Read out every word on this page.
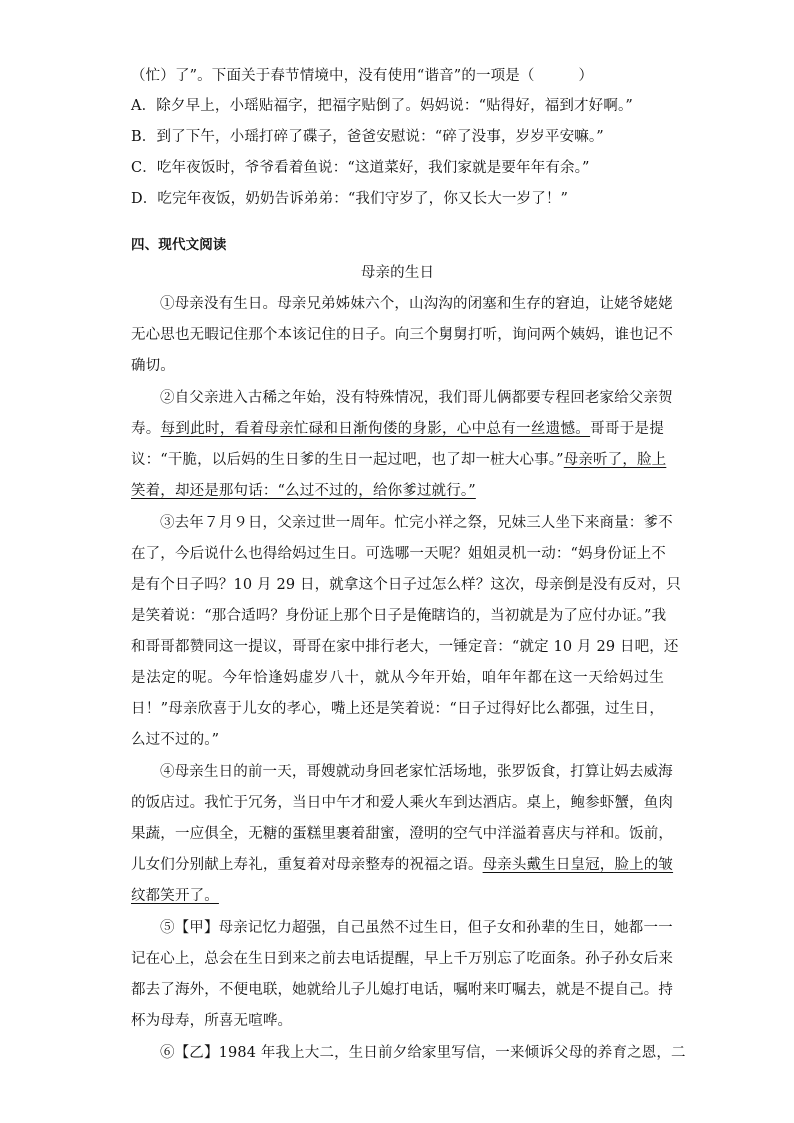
（忙）了”。下面关于春节情境中，没有使用“谐音”的一项是（　　　）
A．除夕早上，小瑶贴福字，把福字贴倒了。妈妈说：“贴得好，福到才好啊。”
B．到了下午，小瑶打碎了碟子，爸爸安慰说：“碎了没事，岁岁平安嘛。”
C．吃年夜饭时，爷爷看着鱼说：“这道菜好，我们家就是要年年有余。”
D．吃完年夜饭，奶奶告诉弟弟：“我们守岁了，你又长大一岁了！”
四、现代文阅读
母亲的生日
①母亲没有生日。母亲兄弟姊妹六个，山沟沟的闭塞和生存的窘迫，让姥爷姥姥
无心思也无暇记住那个本该记住的日子。向三个舅舅打听，询问两个姨妈，谁也记不
确切。
②自父亲进入古稀之年始，没有特殊情况，我们哥儿俩都要专程回老家给父亲贺
寿。每到此时，看着母亲忙碌和日渐佝偻的身影，心中总有一丝遗憾。哥哥于是提
议：“干脆，以后妈的生日爹的生日一起过吧，也了却一桩大心事。”母亲听了，脸上
笑着，却还是那句话：“么过不过的，给你爹过就行。”
③去年７月９日，父亲过世一周年。忙完小祥之祭，兄妹三人坐下来商量：爹不
在了，今后说什么也得给妈过生日。可选哪一天呢？姐姐灵机一动：“妈身份证上不
是有个日子吗？10 月 29 日，就拿这个日子过怎么样？这次，母亲倒是没有反对，只
是笑着说：“那合适吗？身份证上那个日子是俺瞎诌的，当初就是为了应付办证。”我
和哥哥都赞同这一提议，哥哥在家中排行老大，一锤定音：“就定 10 月 29 日吧，还
是法定的呢。今年恰逢妈虚岁八十，就从今年开始，咱年年都在这一天给妈过生
日！”母亲欣喜于儿女的孝心，嘴上还是笑着说：“日子过得好比么都强，过生日，
么过不过的。”
④母亲生日的前一天，哥嫂就动身回老家忙活场地，张罗饭食，打算让妈去威海
的饭店过。我忙于冗务，当日中午才和爱人乘火车到达酒店。桌上，鲍参虾蟹，鱼肉
果蔬，一应俱全，无糖的蛋糕里裹着甜蜜，澄明的空气中洋溢着喜庆与祥和。饭前，
儿女们分别献上寿礼，重复着对母亲整寿的祝福之语。母亲头戴生日皇冠，脸上的皱
纹都笑开了。
⑤【甲】母亲记忆力超强，自己虽然不过生日，但子女和孙辈的生日，她都一一
记在心上，总会在生日到来之前去电话提醒，早上千万别忘了吃面条。孙子孙女后来
都去了海外，不便电联，她就给儿子儿媳打电话，嘱咐来叮嘱去，就是不提自己。持
杯为母寿，所喜无喧哗。
⑥【乙】1984 年我上大二，生日前夕给家里写信，一来倾诉父母的养育之恩，二
